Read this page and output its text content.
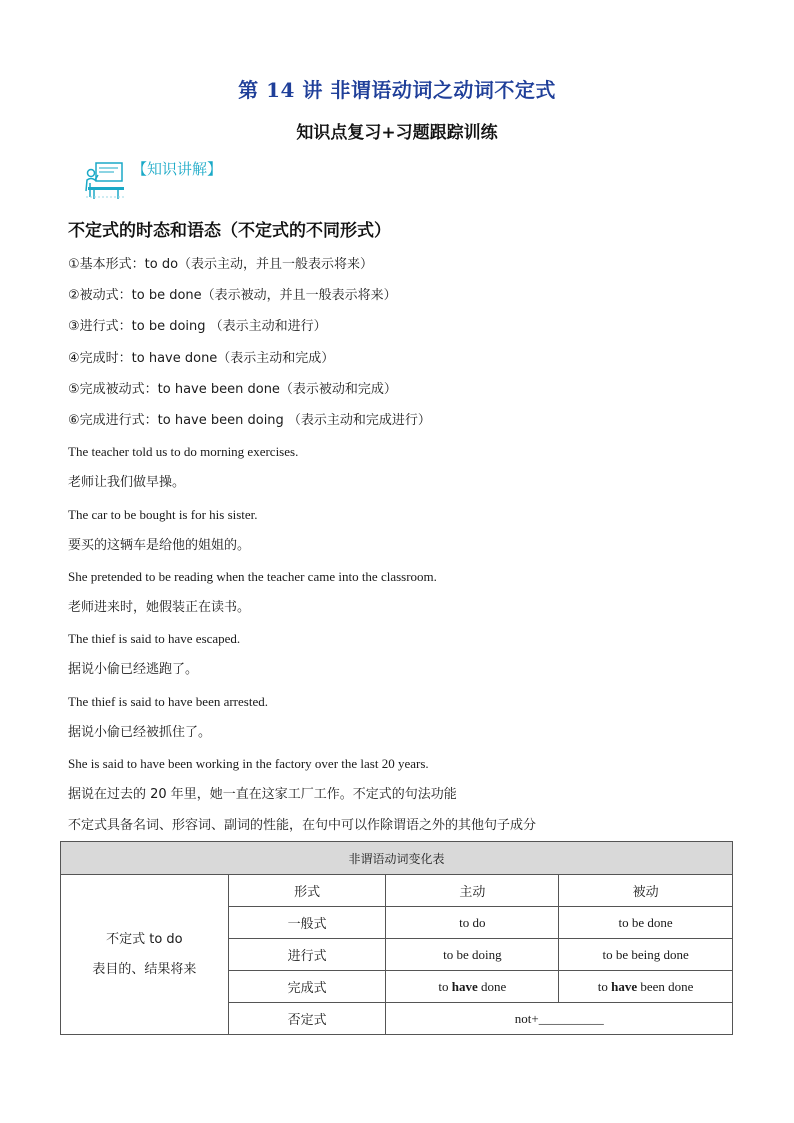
第 14 讲 非谓语动词之动词不定式
知识点复习+习题跟踪训练
【知识讲解】
不定式的时态和语态（不定式的不同形式）
①基本形式：to do（表示主动，并且一般表示将来）
②被动式：to be done（表示被动，并且一般表示将来）
③进行式：to be doing （表示主动和进行）
④完成时：to have done（表示主动和完成）
⑤完成被动式：to have been done（表示被动和完成）
⑥完成进行式：to have been doing （表示主动和完成进行）
The teacher told us to do morning exercises.
老师让我们做早操。
The car to be bought is for his sister.
要买的这辆车是给他的姐姐的。
She pretended to be reading when the teacher came into the classroom.
老师进来时，她假装正在读书。
The thief is said to have escaped.
据说小偷已经逃跑了。
The thief is said to have been arrested.
据说小偷已经被抓住了。
She is said to have been working in the factory over the last 20 years.
据说在过去的 20 年里，她一直在这家工厂工作。不定式的句法功能
不定式具备名词、形容词、副词的性能，在句中可以作除谓语之外的其他句子成分
非谓语动词变化表			

不定式 to do
表目的、结果将来	形式	主动	被动
	一般式	to do	to be done
	进行式	to be doing	to be being done
	完成式	to have done	to have been done
	否定式	not+__________	
